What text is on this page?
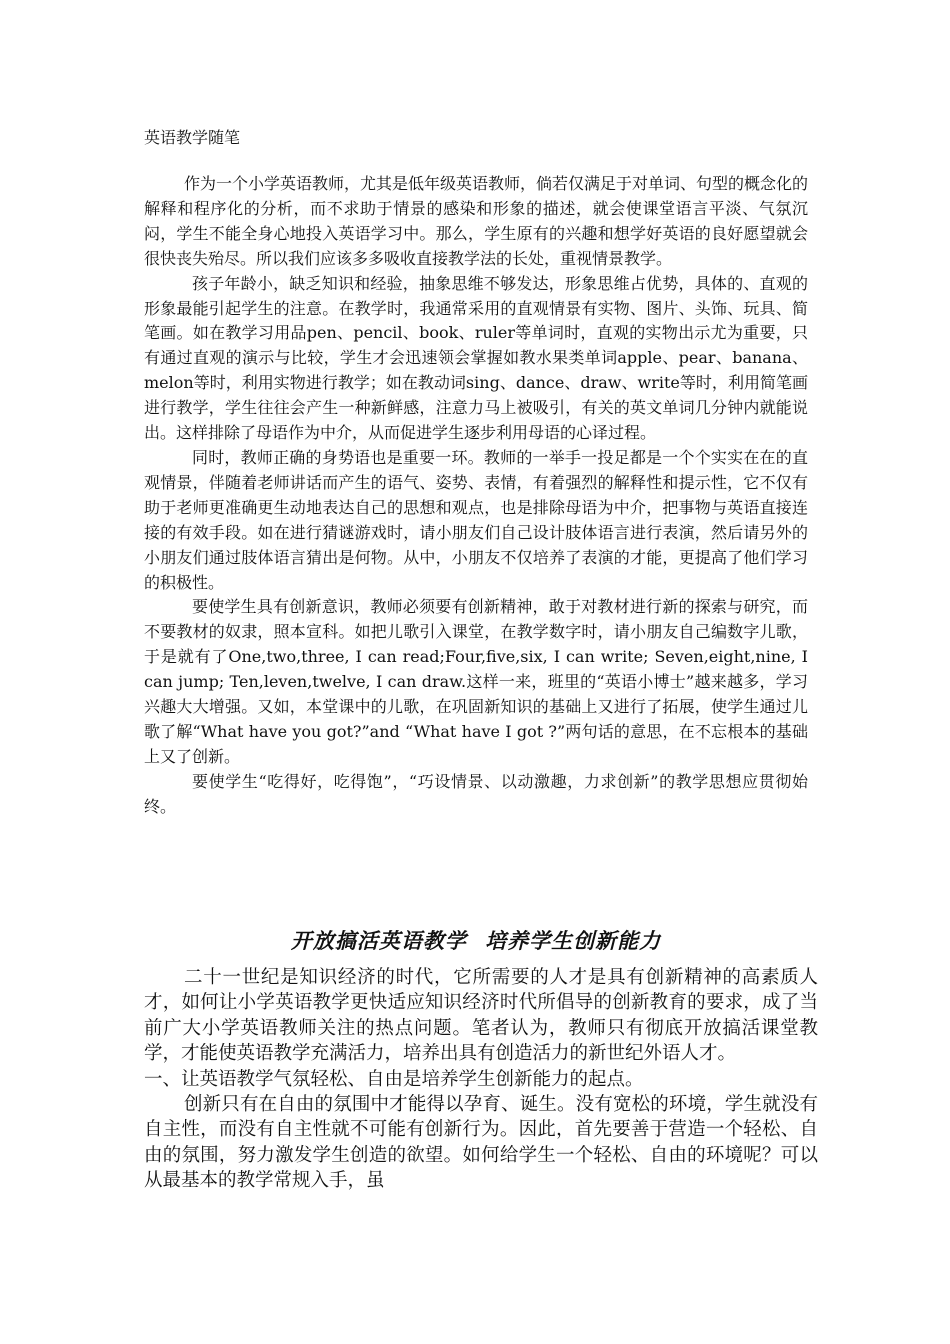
英语教学随笔

作为一个小学英语教师，尤其是低年级英语教师，倘若仅满足于对单词、句型的概念化的解释和程序化的分析，而不求助于情景的感染和形象的描述，就会使课堂语言平淡、气氛沉闷，学生不能全身心地投入英语学习中。那么，学生原有的兴趣和想学好英语的良好愿望就会很快丧失殆尽。所以我们应该多多吸收直接教学法的长处，重视情景教学。

孩子年龄小，缺乏知识和经验，抽象思维不够发达，形象思维占优势，具体的、直观的形象最能引起学生的注意。在教学时，我通常采用的直观情景有实物、图片、头饰、玩具、简笔画。如在教学习用品pen、pencil、book、ruler等单词时，直观的实物出示尤为重要，只有通过直观的演示与比较，学生才会迅速领会掌握如教水果类单词apple、pear、banana、melon等时，利用实物进行教学；如在教动词sing、dance、draw、write等时，利用简笔画进行教学，学生往往会产生一种新鲜感，注意力马上被吸引，有关的英文单词几分钟内就能说出。这样排除了母语作为中介，从而促进学生逐步利用母语的心译过程。

同时，教师正确的身势语也是重要一环。教师的一举手一投足都是一个个实实在在的直观情景，伴随着老师讲话而产生的语气、姿势、表情，有着强烈的解释性和提示性，它不仅有助于老师更准确更生动地表达自己的思想和观点，也是排除母语为中介，把事物与英语直接连接的有效手段。如在进行猜谜游戏时，请小朋友们自己设计肢体语言进行表演，然后请另外的小朋友们通过肢体语言猜出是何物。从中，小朋友不仅培养了表演的才能，更提高了他们学习的积极性。

要使学生具有创新意识，教师必须要有创新精神，敢于对教材进行新的探索与研究，而不要教材的奴隶，照本宣科。如把儿歌引入课堂，在教学数字时，请小朋友自己编数字儿歌，于是就有了One,two,three, I can read;Four,five,six, I can write; Seven,eight,nine, I can jump; Ten,leven,twelve, I can draw.这样一来，班里的“英语小博士”越来越多，学习兴趣大大增强。又如，本堂课中的儿歌，在巩固新知识的基础上又进行了拓展，使学生通过儿歌了解“What have you got?”and “What have I got ?”两句话的意思，在不忘根本的基础上又了创新。

要使学生“吃得好，吃得饱”，“巧设情景、以动激趣，力求创新”的教学思想应贯彻始终。

开放搞活英语教学 培养学生创新能力

二十一世纪是知识经济的时代，它所需要的人才是具有创新精神的高素质人才，如何让小学英语教学更快适应知识经济时代所倡导的创新教育的要求，成了当前广大小学英语教师关注的热点问题。笔者认为，教师只有彻底开放搞活课堂教学，才能使英语教学充满活力，培养出具有创造活力的新世纪外语人才。

一、让英语教学气氛轻松、自由是培养学生创新能力的起点。

创新只有在自由的氛围中才能得以孕育、诞生。没有宽松的环境，学生就没有自主性，而没有自主性就不可能有创新行为。因此，首先要善于营造一个轻松、自由的氛围，努力激发学生创造的欲望。如何给学生一个轻松、自由的环境呢？可以从最基本的教学常规入手，虽
